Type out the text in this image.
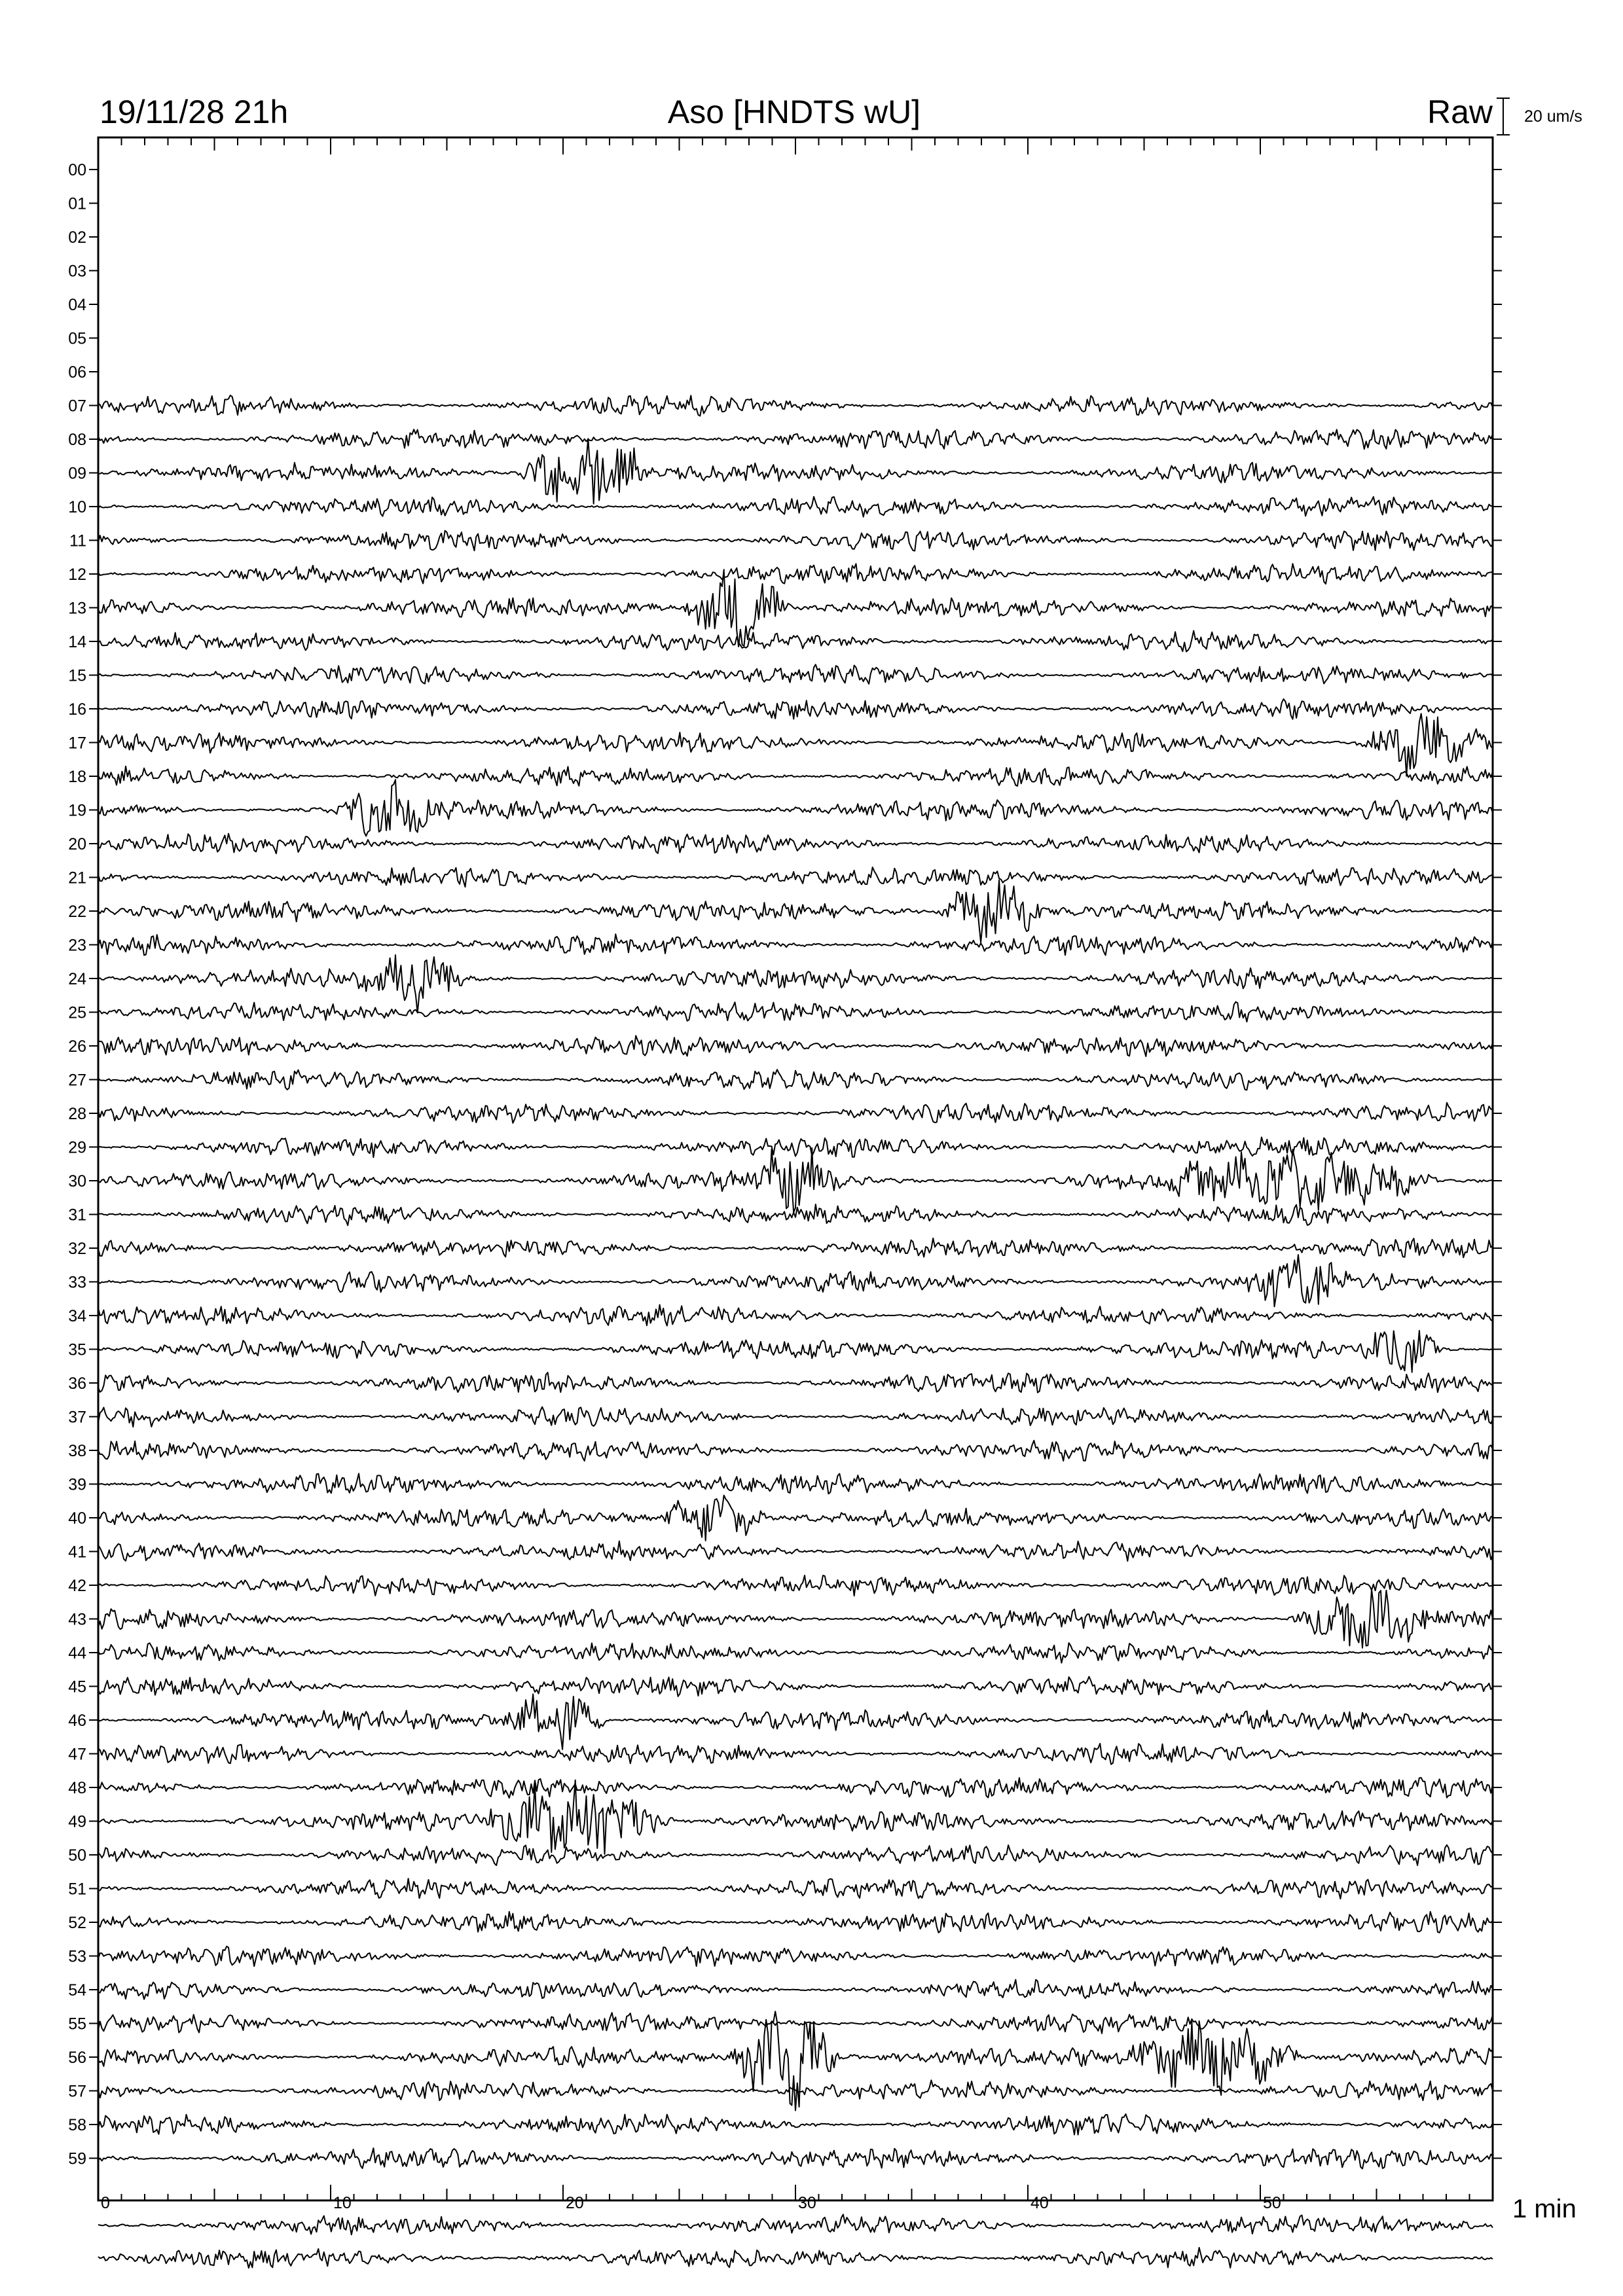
19/11/28 21h	Aso [HNDTS wU]	Raw 20 um/s
00
01
02
03
04
05
06
07
08
09
10
11
12
13
14
15
16
17
18
19
20
21
22
23
24
25
26
27
28
29
30
31
32
33
34
35
36
37
38
39
40
41
42
43
44
45
46
47
48
49
50
51
52
53
54
55
56
57
58
59
0	10	20	30	40	50	1 min
